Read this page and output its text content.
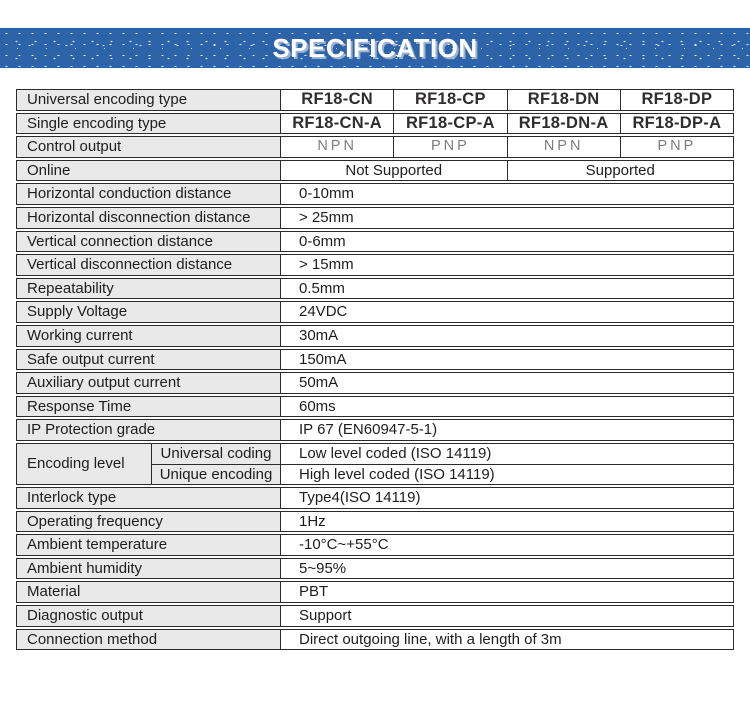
SPECIFICATION
Universal encoding type	RF18-CN	RF18-CP	RF18-DN	RF18-DP
Single encoding type	RF18-CN-A	RF18-CP-A	RF18-DN-A	RF18-DP-A
Control output	NPN	PNP	NPN	PNP
Online	Not Supported	Supported
Horizontal conduction distance	0-10mm
Horizontal disconnection distance	> 25mm
Vertical connection distance	0-6mm
Vertical disconnection distance	> 15mm
Repeatability	0.5mm
Supply Voltage	24VDC
Working current	30mA
Safe output current	150mA
Auxiliary output current	50mA
Response Time	60ms
IP Protection grade	IP 67 (EN60947-5-1)
Encoding level
Universal coding	Low level coded (ISO 14119)
Unique encoding	High level coded (ISO 14119)
Interlock type	Type4(ISO 14119)
Operating frequency	1Hz
Ambient temperature	-10°C~+55°C
Ambient humidity	5~95%
Material	PBT
Diagnostic output	Support
Connection method	Direct outgoing line, with a length of 3m
